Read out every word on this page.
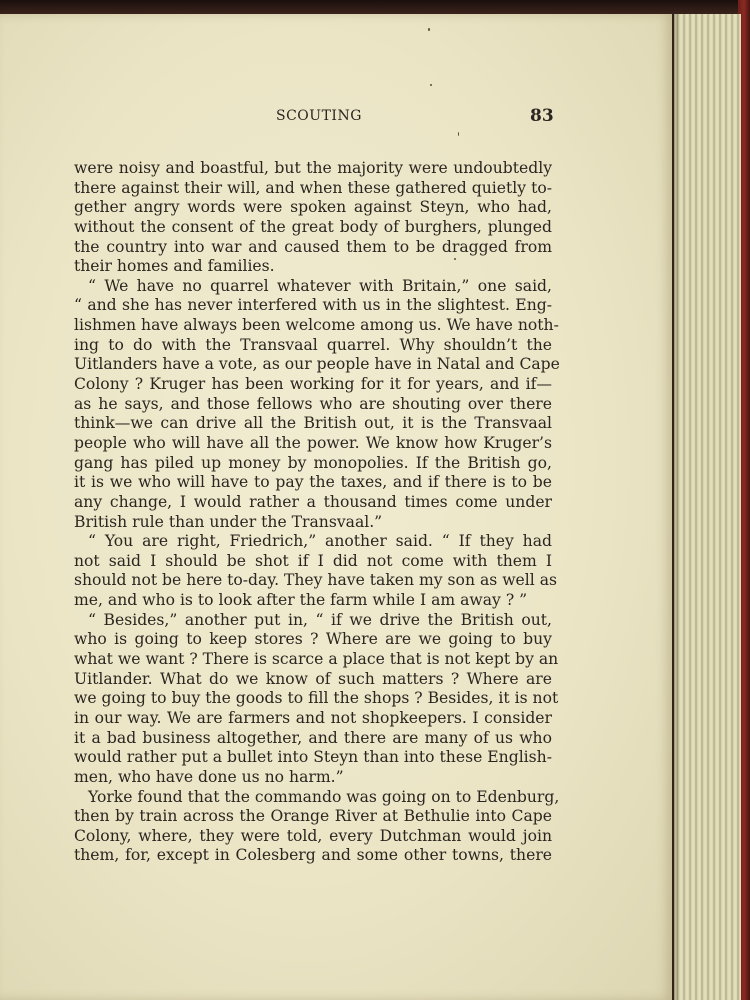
SCOUTING	83
were noisy and boastful, but the majority were undoubtedly
there against their will, and when these gathered quietly to-
gether angry words were spoken against Steyn, who had,
without the consent of the great body of burghers, plunged
the country into war and caused them to be dragged from
their homes and families.
“ We have no quarrel whatever with Britain,” one said,
“ and she has never interfered with us in the slightest. Eng-
lishmen have always been welcome among us. We have noth-
ing to do with the Transvaal quarrel. Why shouldn’t the
Uitlanders have a vote, as our people have in Natal and Cape
Colony ? Kruger has been working for it for years, and if—
as he says, and those fellows who are shouting over there
think—we can drive all the British out, it is the Transvaal
people who will have all the power. We know how Kruger’s
gang has piled up money by monopolies. If the British go,
it is we who will have to pay the taxes, and if there is to be
any change, I would rather a thousand times come under
British rule than under the Transvaal.”
“ You are right, Friedrich,” another said. “ If they had
not said I should be shot if I did not come with them I
should not be here to-day. They have taken my son as well as
me, and who is to look after the farm while I am away ? ”
“ Besides,” another put in, “ if we drive the British out,
who is going to keep stores ? Where are we going to buy
what we want ? There is scarce a place that is not kept by an
Uitlander. What do we know of such matters ? Where are
we going to buy the goods to fill the shops ? Besides, it is not
in our way. We are farmers and not shopkeepers. I consider
it a bad business altogether, and there are many of us who
would rather put a bullet into Steyn than into these English-
men, who have done us no harm.”
Yorke found that the commando was going on to Edenburg,
then by train across the Orange River at Bethulie into Cape
Colony, where, they were told, every Dutchman would join
them, for, except in Colesberg and some other towns, there
